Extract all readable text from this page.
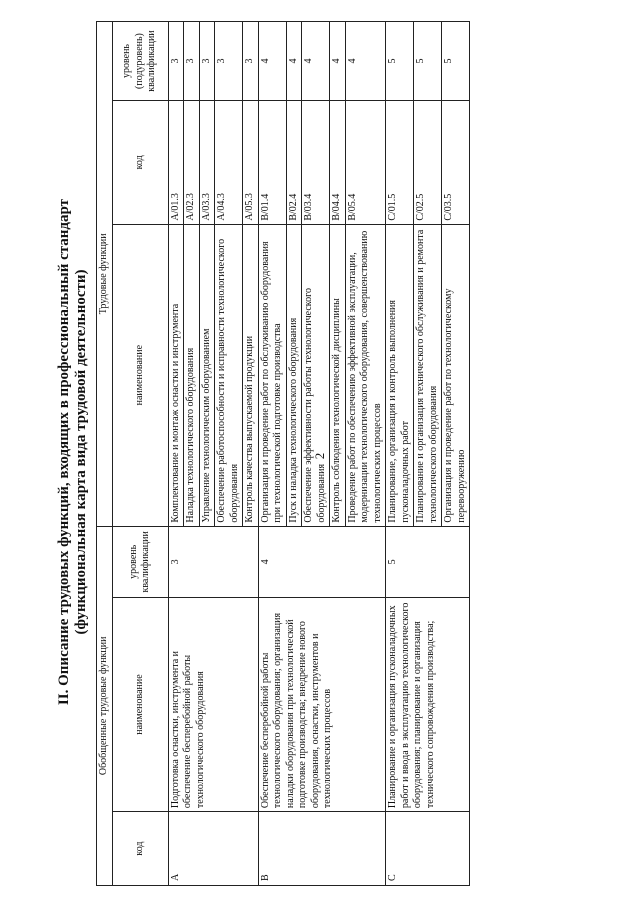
2
II. Описание трудовых функций, входящих в профессиональный стандарт (функциональная карта вида трудовой деятельности)
Обобщенные трудовые функции			Трудовые функции		
код	наименование	уровень квалификации	наименование	код	уровень (подуровень) квалификации
A	Подготовка оснастки, инструмента и обеспечение бесперебойной работы технологического оборудования	3	Комплектование и монтаж оснастки и инструмента	A/01.3	3
			Наладка технологического оборудования	A/02.3	3
			Управление технологическим оборудованием	A/03.3	3
			Обеспечение работоспособности и исправности технологического оборудования	A/04.3	3
			Контроль качества выпускаемой продукции	A/05.3	3
B	Обеспечение бесперебойной работы технологического оборудования; организация наладки оборудования при технологической подготовке производства; внедрение нового оборудования, оснастки, инструментов и технологических процессов	4	Организация и проведение работ по обслуживанию оборудования при технологической подготовке производства	B/01.4	4
			Пуск и наладка технологического оборудования	B/02.4	4
			Обеспечение эффективности работы технологического оборудования	B/03.4	4
			Контроль соблюдения технологической дисциплины	B/04.4	4
			Проведение работ по обеспечению эффективной эксплуатации, модернизации технологического оборудования, совершенствованию технологических процессов	B/05.4	4
C	Планирование и организация пусконаладочных работ и ввода в эксплуатацию технологического оборудования; планирование и организация технического сопровождения производства;	5	Планирование, организация и контроль выполнения пусконаладочных работ	C/01.5	5
			Планирование и организация технического обслуживания и ремонта технологического оборудования	C/02.5	5
			Организация и проведение работ по технологическому перевооружению	C/03.5	5
